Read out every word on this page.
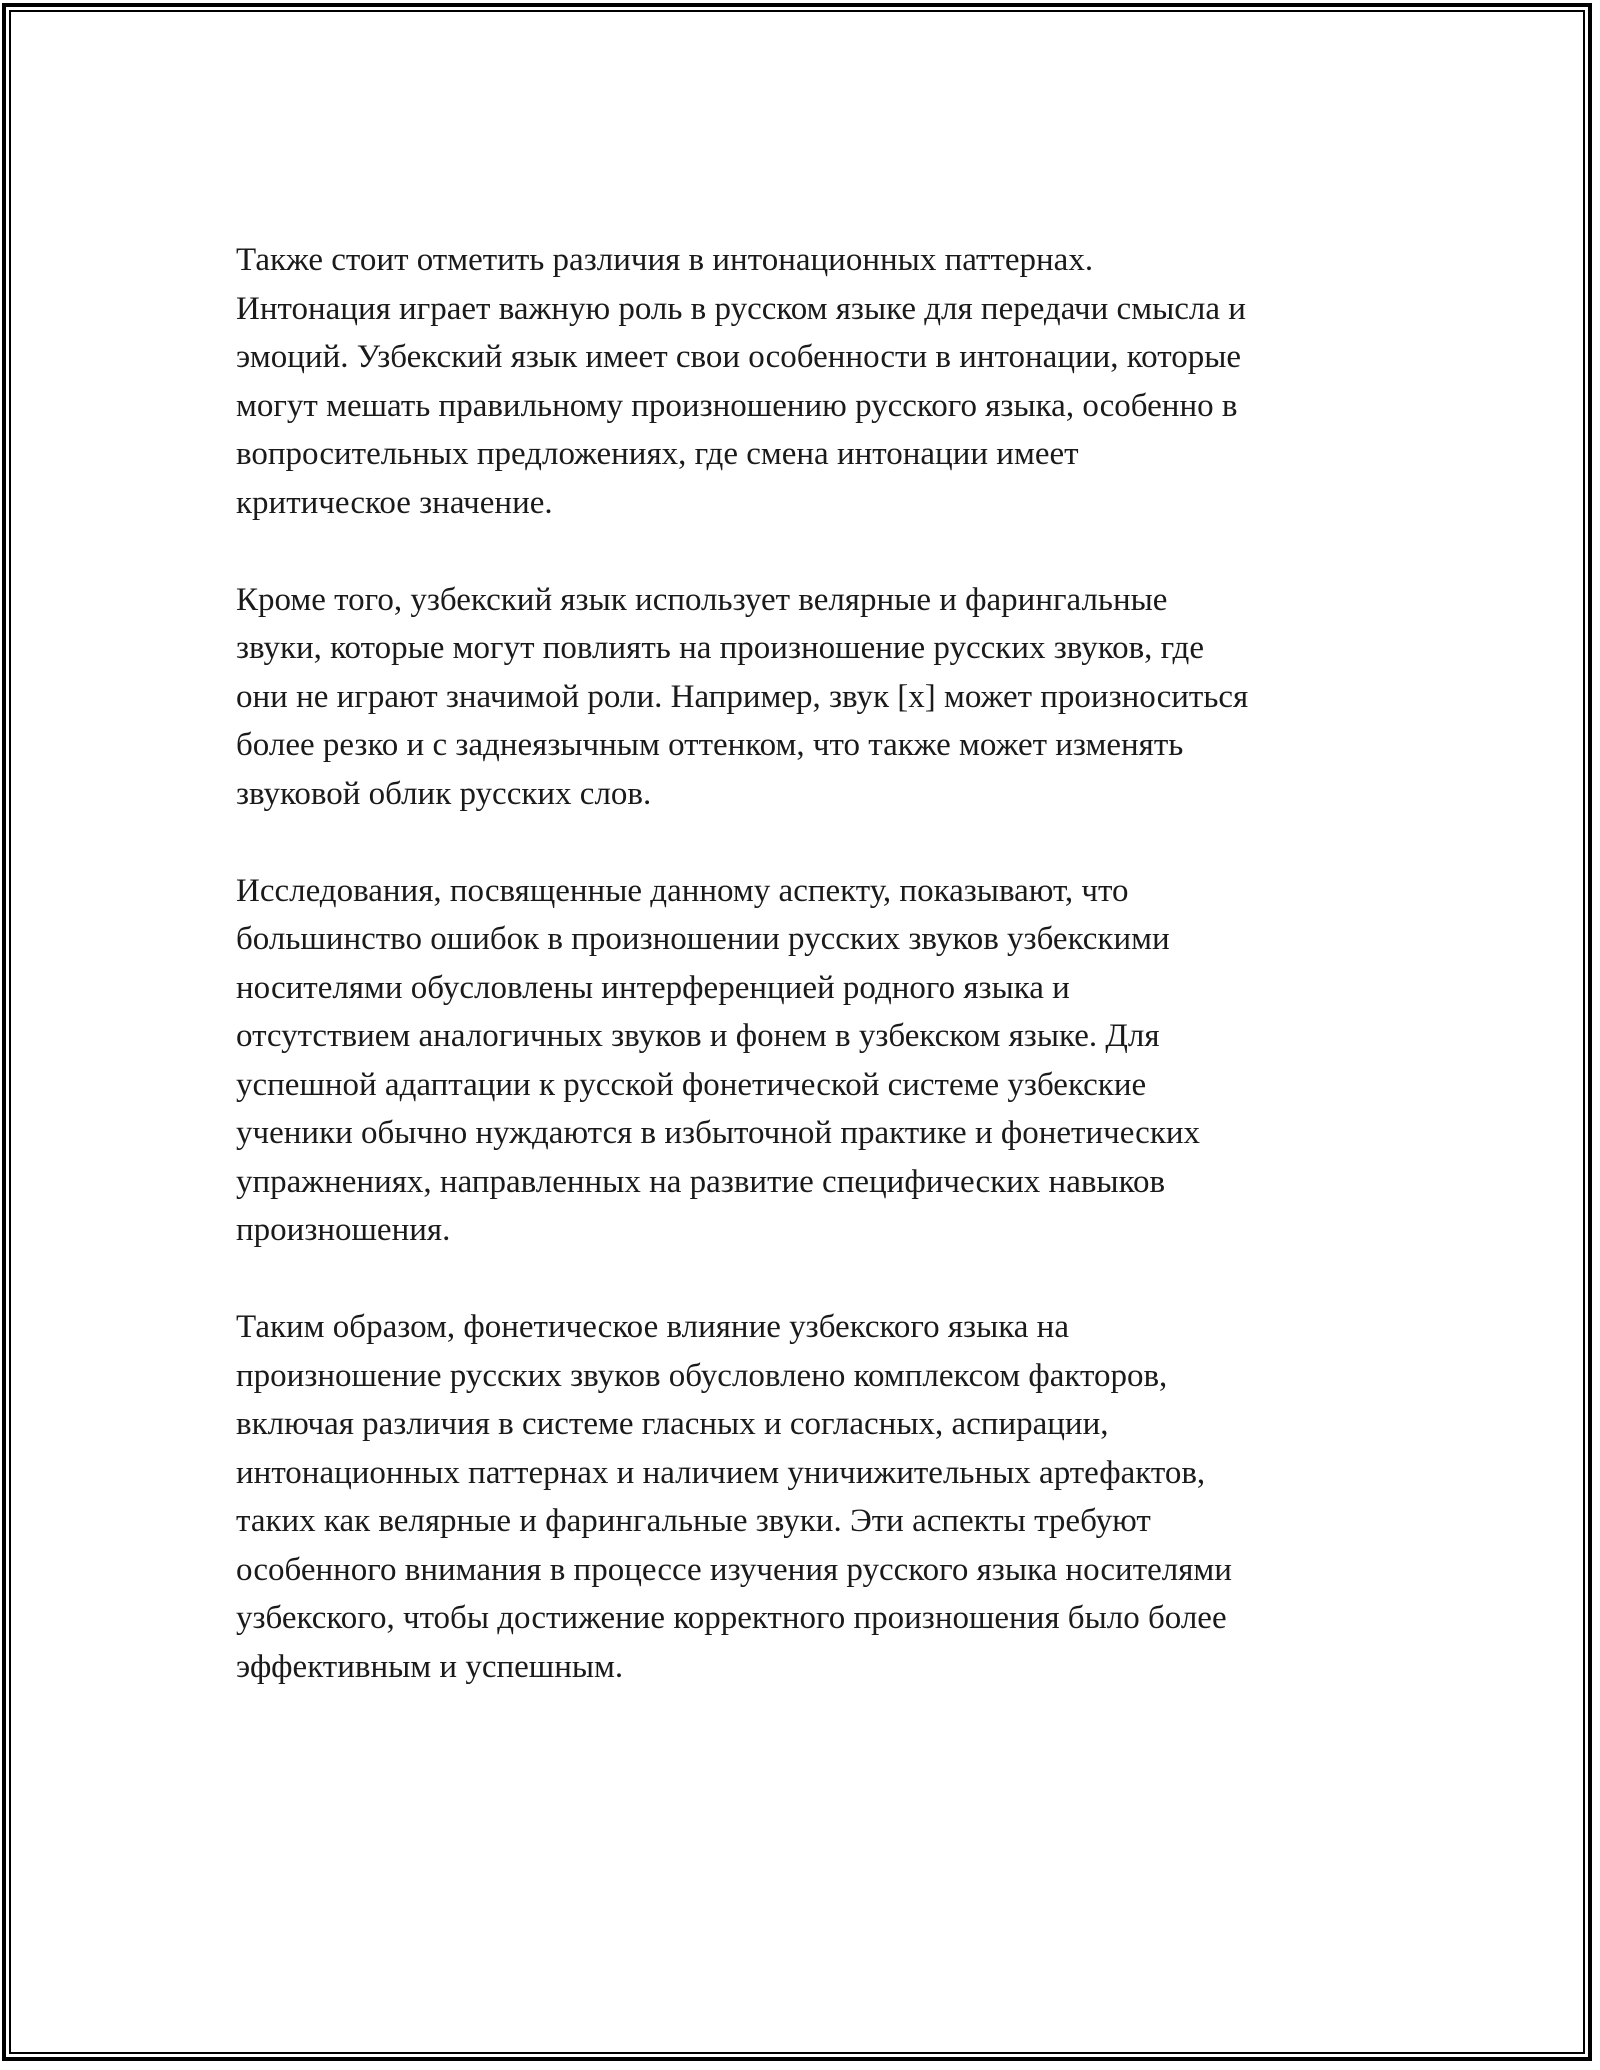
Также стоит отметить различия в интонационных паттернах.
Интонация играет важную роль в русском языке для передачи смысла и
эмоций. Узбекский язык имеет свои особенности в интонации, которые
могут мешать правильному произношению русского языка, особенно в
вопросительных предложениях, где смена интонации имеет
критическое значение.

Кроме того, узбекский язык использует велярные и фарингальные
звуки, которые могут повлиять на произношение русских звуков, где
они не играют значимой роли. Например, звук [х] может произноситься
более резко и с заднеязычным оттенком, что также может изменять
звуковой облик русских слов.

Исследования, посвященные данному аспекту, показывают, что
большинство ошибок в произношении русских звуков узбекскими
носителями обусловлены интерференцией родного языка и
отсутствием аналогичных звуков и фонем в узбекском языке. Для
успешной адаптации к русской фонетической системе узбекские
ученики обычно нуждаются в избыточной практике и фонетических
упражнениях, направленных на развитие специфических навыков
произношения.

Таким образом, фонетическое влияние узбекского языка на
произношение русских звуков обусловлено комплексом факторов,
включая различия в системе гласных и согласных, аспирации,
интонационных паттернах и наличием уничижительных артефактов,
таких как велярные и фарингальные звуки. Эти аспекты требуют
особенного внимания в процессе изучения русского языка носителями
узбекского, чтобы достижение корректного произношения было более
эффективным и успешным.
